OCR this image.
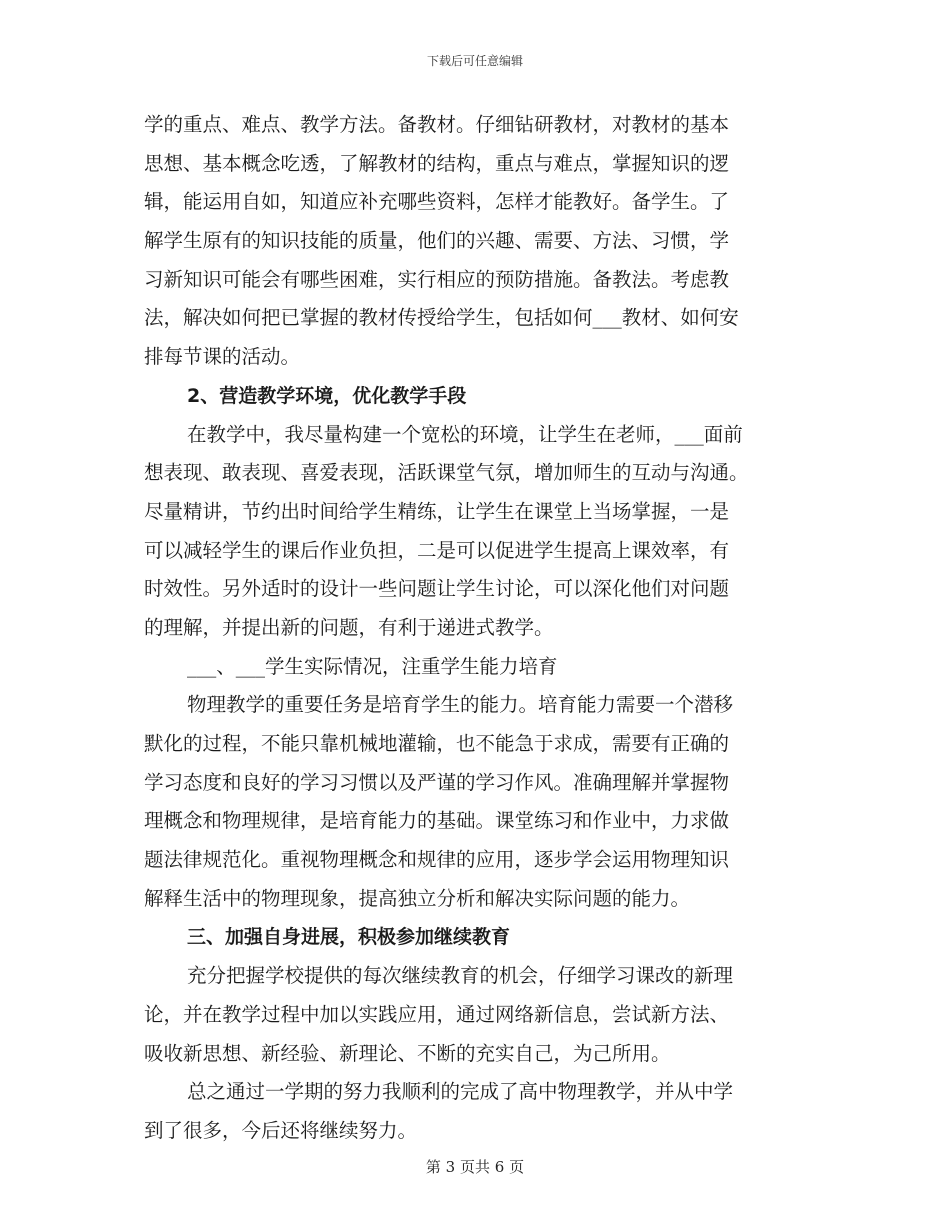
下载后可任意编辑
学的重点、难点、教学方法。备教材。仔细钻研教材，对教材的基本
思想、基本概念吃透，了解教材的结构，重点与难点，掌握知识的逻
辑，能运用自如，知道应补充哪些资料，怎样才能教好。备学生。了
解学生原有的知识技能的质量，他们的兴趣、需要、方法、习惯，学
习新知识可能会有哪些困难，实行相应的预防措施。备教法。考虑教
法，解决如何把已掌握的教材传授给学生，包括如何___教材、如何安
排每节课的活动。
2、营造教学环境，优化教学手段
在教学中，我尽量构建一个宽松的环境，让学生在老师，___面前
想表现、敢表现、喜爱表现，活跃课堂气氛，增加师生的互动与沟通。
尽量精讲，节约出时间给学生精练，让学生在课堂上当场掌握，一是
可以减轻学生的课后作业负担，二是可以促进学生提高上课效率，有
时效性。另外适时的设计一些问题让学生讨论，可以深化他们对问题
的理解，并提出新的问题，有利于递进式教学。
___、___学生实际情况，注重学生能力培育
物理教学的重要任务是培育学生的能力。培育能力需要一个潜移
默化的过程，不能只靠机械地灌输，也不能急于求成，需要有正确的
学习态度和良好的学习习惯以及严谨的学习作风。准确理解并掌握物
理概念和物理规律，是培育能力的基础。课堂练习和作业中，力求做
题法律规范化。重视物理概念和规律的应用，逐步学会运用物理知识
解释生活中的物理现象，提高独立分析和解决实际问题的能力。
三、加强自身进展，积极参加继续教育
充分把握学校提供的每次继续教育的机会，仔细学习课改的新理
论，并在教学过程中加以实践应用，通过网络新信息，尝试新方法、
吸收新思想、新经验、新理论、不断的充实自己，为己所用。
总之通过一学期的努力我顺利的完成了高中物理教学，并从中学
到了很多，今后还将继续努力。
第 3 页共 6 页
